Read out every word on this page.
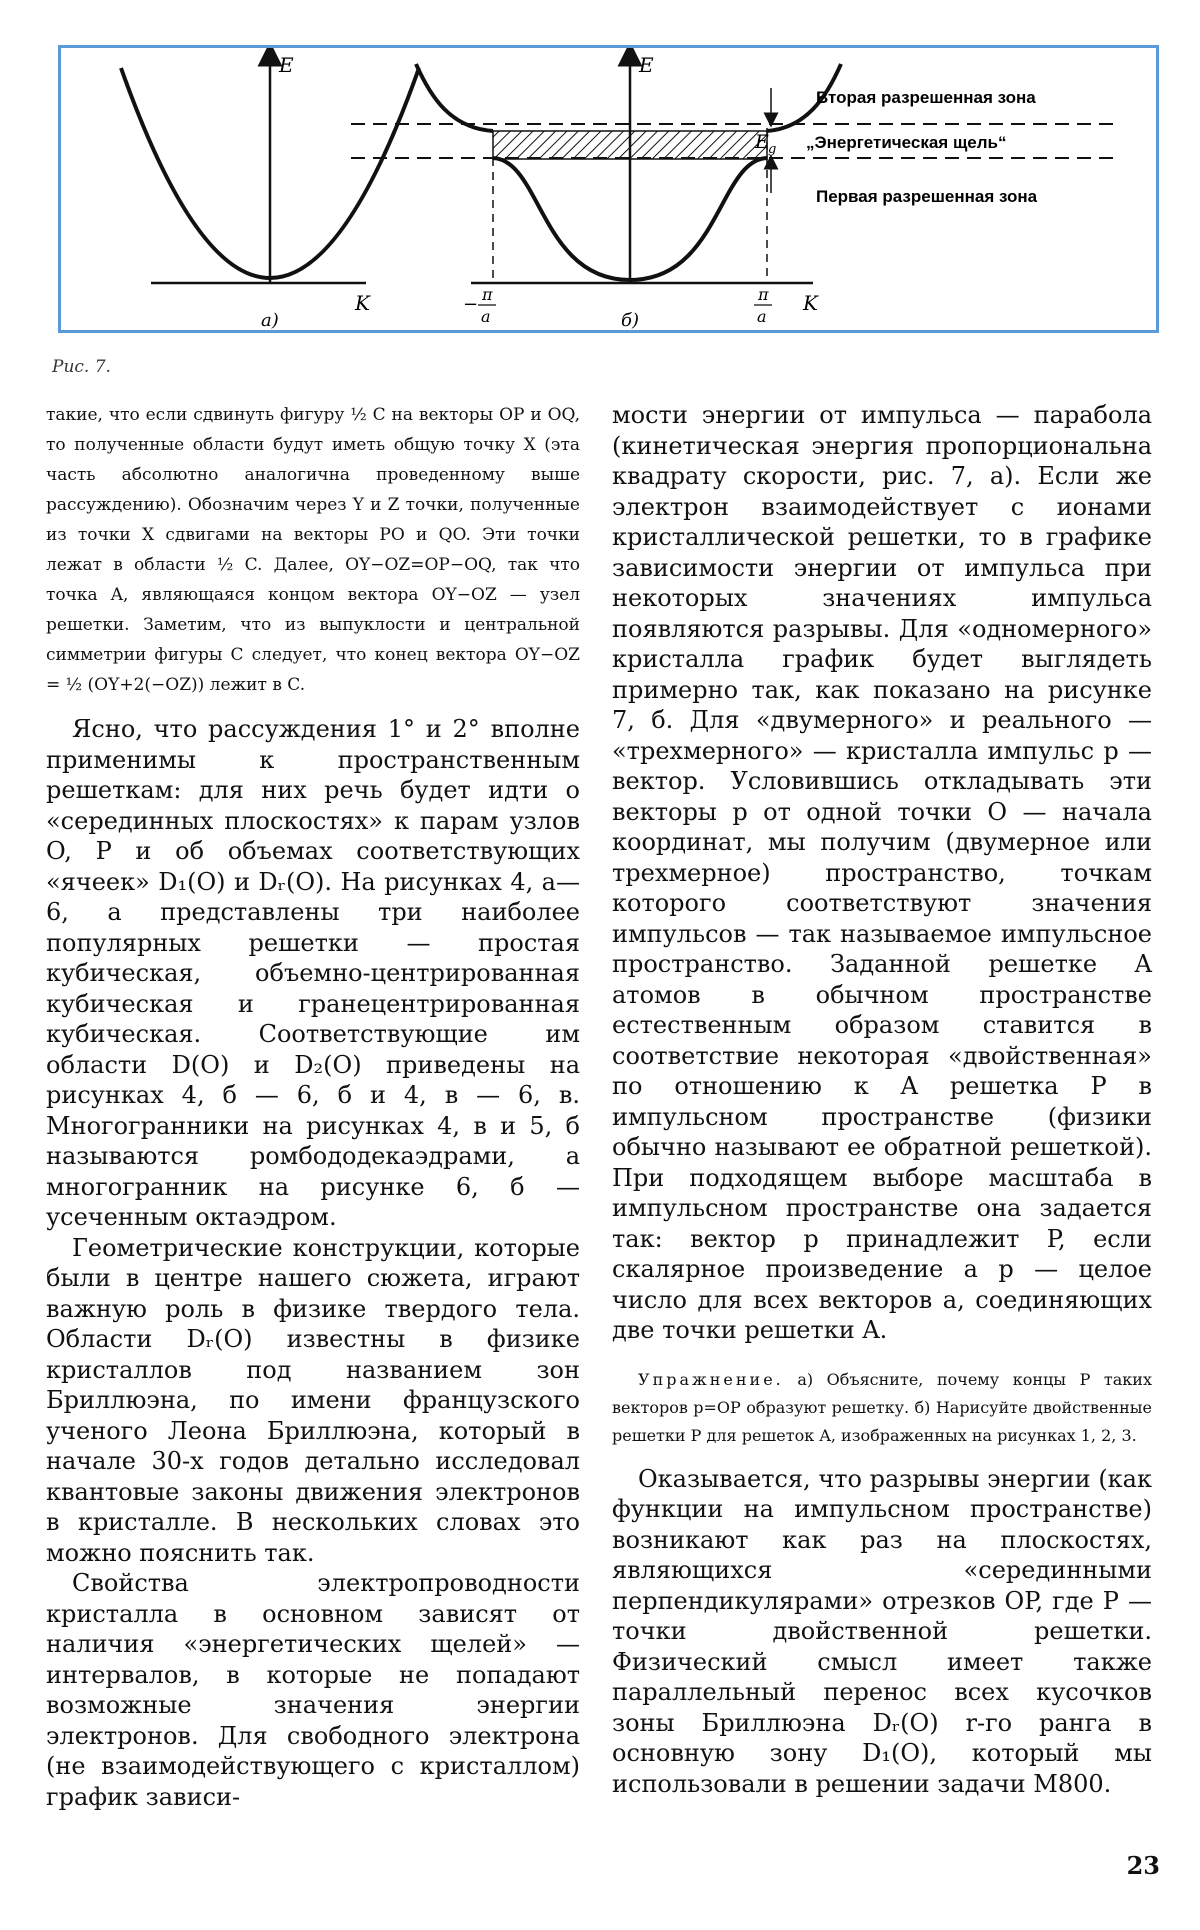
E
K
а)
E
K
б)
− π
a
π
a
E g
Вторая разрешенная зона
„Энергетическая щель“
Первая разрешенная зона
Рис. 7.

такие, что если сдвинуть фигуру ½ C на векторы OP и OQ, то полученные области будут иметь общую точку X (эта часть абсолютно аналогична проведенному выше рассуждению). Обозначим через Y и Z точки, полученные из точки X сдвигами на векторы PO и QO. Эти точки лежат в области ½ C. Далее, OY−OZ=OP−OQ, так что точка A, являющаяся концом вектора OY−OZ — узел решетки. Заметим, что из выпуклости и центральной симметрии фигуры C следует, что конец вектора OY−OZ = ½ (OY+2(−OZ)) лежит в C.

Ясно, что рассуждения 1° и 2° вполне применимы к пространственным решеткам: для них речь будет идти о «серединных плоскостях» к парам узлов O, P и об объемах соответствующих «ячеек» D₁(O) и Dᵣ(O). На рисунках 4, а—6, а представлены три наиболее популярных решетки — простая кубическая, объемно-центрированная кубическая и гранецентрированная кубическая. Соответствующие им области D(O) и D₂(O) приведены на рисунках 4, б — 6, б и 4, в — 6, в. Многогранники на рисунках 4, в и 5, б называются ромбододекаэдрами, а многогранник на рисунке 6, б — усеченным октаэдром.

Геометрические конструкции, которые были в центре нашего сюжета, играют важную роль в физике твердого тела. Области Dᵣ(O) известны в физике кристаллов под названием зон Бриллюэна, по имени французского ученого Леона Бриллюэна, который в начале 30-х годов детально исследовал квантовые законы движения электронов в кристалле. В нескольких словах это можно пояснить так.

Свойства электропроводности кристалла в основном зависят от наличия «энергетических щелей» — интервалов, в которые не попадают возможные значения энергии электронов. Для свободного электрона (не взаимодействующего с кристаллом) график зависи-

мости энергии от импульса — парабола (кинетическая энергия пропорциональна квадрату скорости, рис. 7, а). Если же электрон взаимодействует с ионами кристаллической решетки, то в графике зависимости энергии от импульса при некоторых значениях импульса появляются разрывы. Для «одномерного» кристалла график будет выглядеть примерно так, как показано на рисунке 7, б. Для «двумерного» и реального — «трехмерного» — кристалла импульс p — вектор. Условившись откладывать эти векторы p от одной точки O — начала координат, мы получим (двумерное или трехмерное) пространство, точкам которого соответствуют значения импульсов — так называемое импульсное пространство. Заданной решетке A атомов в обычном пространстве естественным образом ставится в соответствие некоторая «двойственная» по отношению к A решетка P в импульсном пространстве (физики обычно называют ее обратной решеткой). При подходящем выборе масштаба в импульсном пространстве она задается так: вектор p принадлежит P, если скалярное произведение a p — целое число для всех векторов a, соединяющих две точки решетки A.

Упражнение. а) Объясните, почему концы P таких векторов p=OP образуют решетку. б) Нарисуйте двойственные решетки P для решеток A, изображенных на рисунках 1, 2, 3.

Оказывается, что разрывы энергии (как функции на импульсном пространстве) возникают как раз на плоскостях, являющихся «серединными перпендикулярами» отрезков OP, где P — точки двойственной решетки. Физический смысл имеет также параллельный перенос всех кусочков зоны Бриллюэна Dᵣ(O) r-го ранга в основную зону D₁(O), который мы использовали в решении задачи М800.

23
